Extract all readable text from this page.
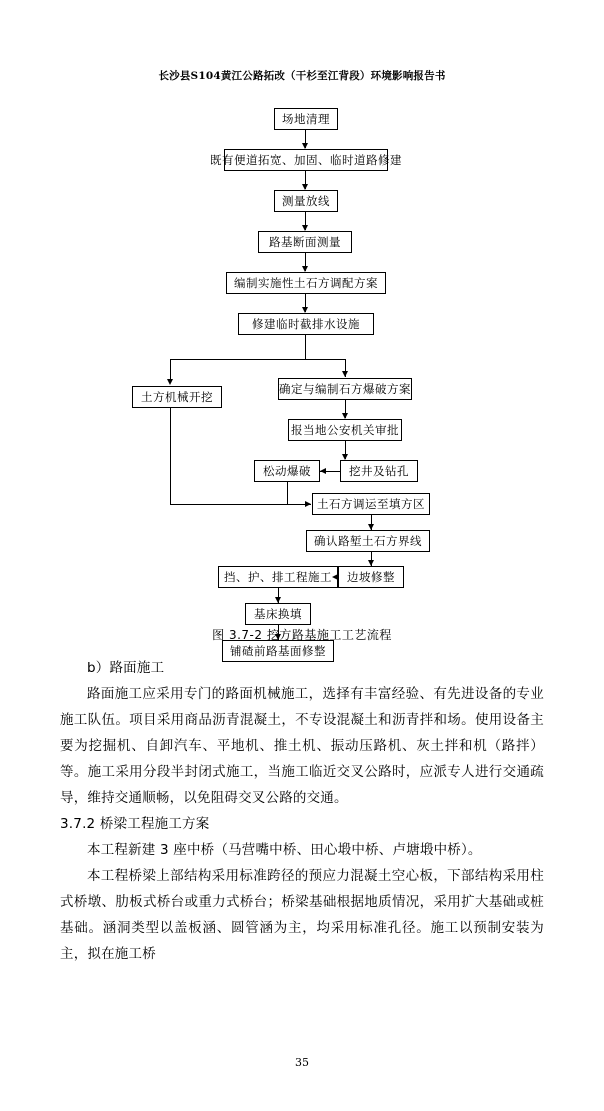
长沙县S104黄江公路拓改（干杉至江背段）环境影响报告书
场地清理
既有便道拓宽、加固、临时道路修建
测量放线
路基断面测量
编制实施性土石方调配方案
修建临时截排水设施
确定与编制石方爆破方案
土方机械开挖
报当地公安机关审批
松动爆破	挖井及钻孔
土石方调运至填方区
确认路堑土石方界线
边坡修整
挡、护、排工程施工
基床换填
铺碴前路基面修整
图 3.7-2 挖方路基施工工艺流程

b）路面施工

路面施工应采用专门的路面机械施工，选择有丰富经验、有先进设备的专业施工队伍。项目采用商品沥青混凝土，不专设混凝土和沥青拌和场。使用设备主要为挖掘机、自卸汽车、平地机、推土机、振动压路机、灰土拌和机（路拌）等。施工采用分段半封闭式施工，当施工临近交叉公路时，应派专人进行交通疏导，维持交通顺畅，以免阻碍交叉公路的交通。

3.7.2 桥梁工程施工方案

本工程新建 3 座中桥（马营嘴中桥、田心塅中桥、卢塘塅中桥）。

本工程桥梁上部结构采用标准跨径的预应力混凝土空心板，下部结构采用柱式桥墩、肋板式桥台或重力式桥台；桥梁基础根据地质情况，采用扩大基础或桩基础。涵洞类型以盖板涵、圆管涵为主，均采用标准孔径。施工以预制安装为主，拟在施工桥

35
